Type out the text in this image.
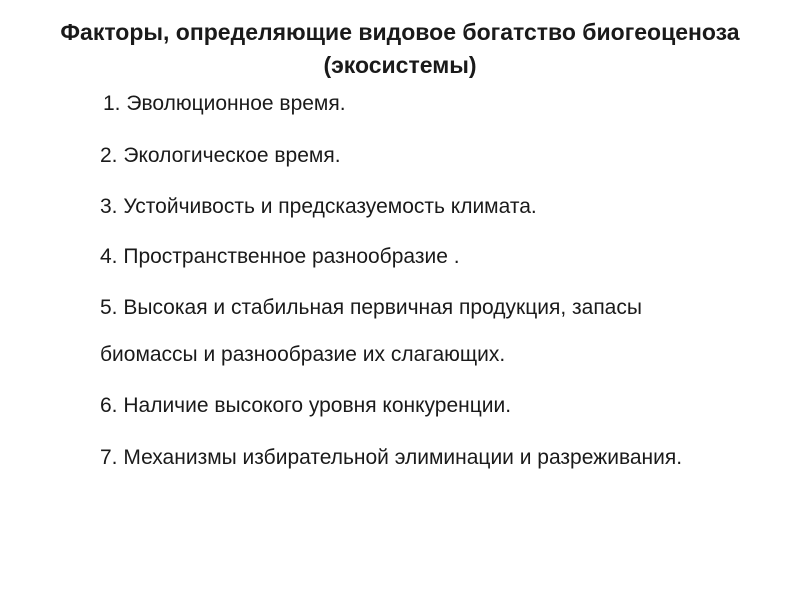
Факторы, определяющие видовое богатство биогеоценоза
(экосистемы)
1. Эволюционное время.
2. Экологическое время.
3. Устойчивость и предсказуемость климата.
4. Пространственное разнообразие .
5. Высокая и стабильная первичная продукция, запасы
биомассы и разнообразие их слагающих.
6. Наличие высокого уровня конкуренции.
7. Механизмы избирательной элиминации и разреживания.
